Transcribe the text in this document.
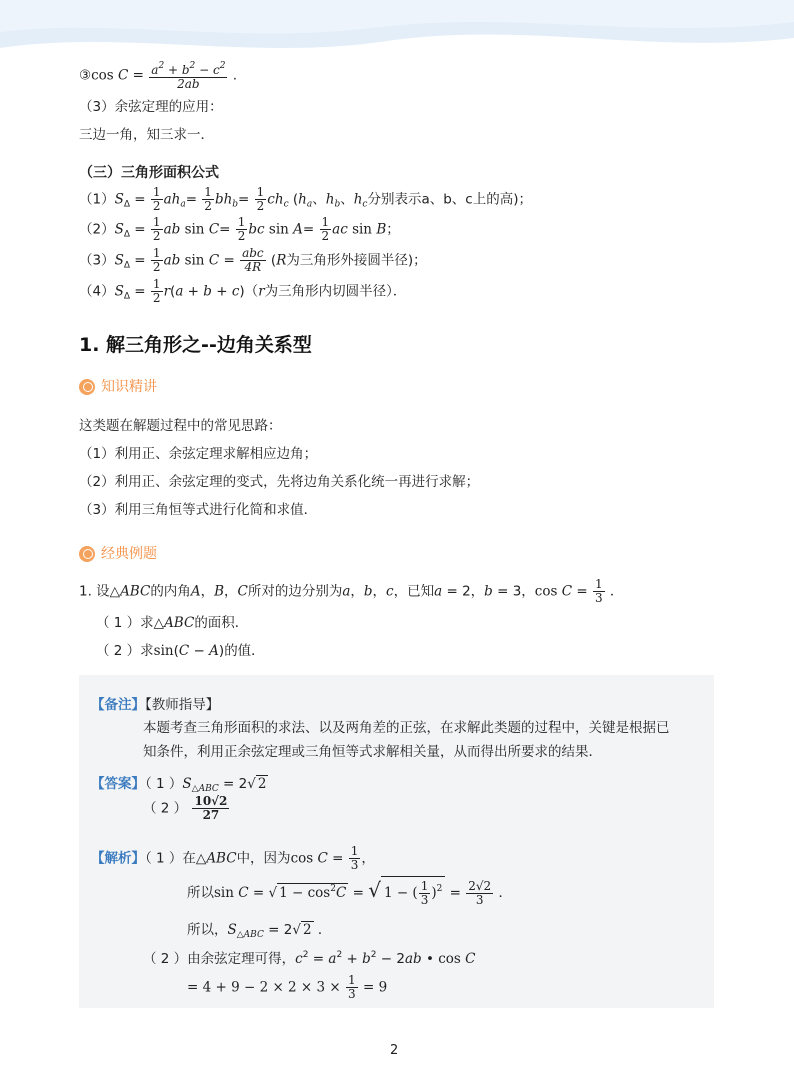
③cos $C = \frac{a^2 + b^2 - c^2}{2ab}$ .
（3）余弦定理的应用：
三边一角，知三求一．
（三）三角形面积公式
$(1)S_\Delta = \frac{1}{2} ah_a= \frac{1}{2} bh_b= \frac{1}{2} ch_c$ ($h_a$、$h_b$、$h_c$分别表示a、b、c上的高)；
$(2)S_\Delta = \frac{1}{2}$ ab $\sin C= \frac{1}{2}$ bc $\sin A= \frac{1}{2}$ ac sin B；
$(3)S_\Delta = \frac{1}{2}$ ab $\sin C = \frac{\text{abc}}{4R} (R$为三角形外接圆半径)；
$(4)S_\Delta = \frac{1}{2} r(a + b + c)(r$为三角形内切圆半径）．
1. 解三角形之--边角关系型
知识精讲
这类题在解题过程中的常见思路：
（1）利用正、余弦定理求解相应边角；
（2）利用正、余弦定理的变式，先将边角关系化统一再进行求解；
（3）利用三角恒等式进行化简和求值．
经典例题
1. 设△ABC的内角A，B，C所对的边分别为a，b，c，已知a = 2，b = 3，$\cos C = \frac{1}{3}$ ．
（ 1 ）求△ABC的面积．
（ 2 ）求sin(C − A)的值．
【备注】【教师指导】
本题考查三角形面积的求法、以及两角差的正弦，在求解此类题的过程中，关键是根据已
知条件，利用正余弦定理或三角恒等式求解相关量，从而得出所要求的结果．
【答案】（ 1 ）$S_{\triangle ABC} = 2√$ 2
（ 2 ） $\frac{10√2}{27}$
【解析】（ 1 ）在△ABC中，因为$\cos C = \frac{1}{3}$ ，
所以sin C = √ $1 - \cos^2C$ = √ 1 − ( $\frac{1}{3} )^2 = \frac{2√2}{3}$ ．
所以，$S_{\triangle ABC} = 2√$ 2 ．
（ 2 ）由余弦定理可得，$c^2 = a^2 + b^2 - 2ab$ • cos C
= $4 + 9 - 2 \times 2 \times 3 \times \frac{1}{3} = 9$
2
